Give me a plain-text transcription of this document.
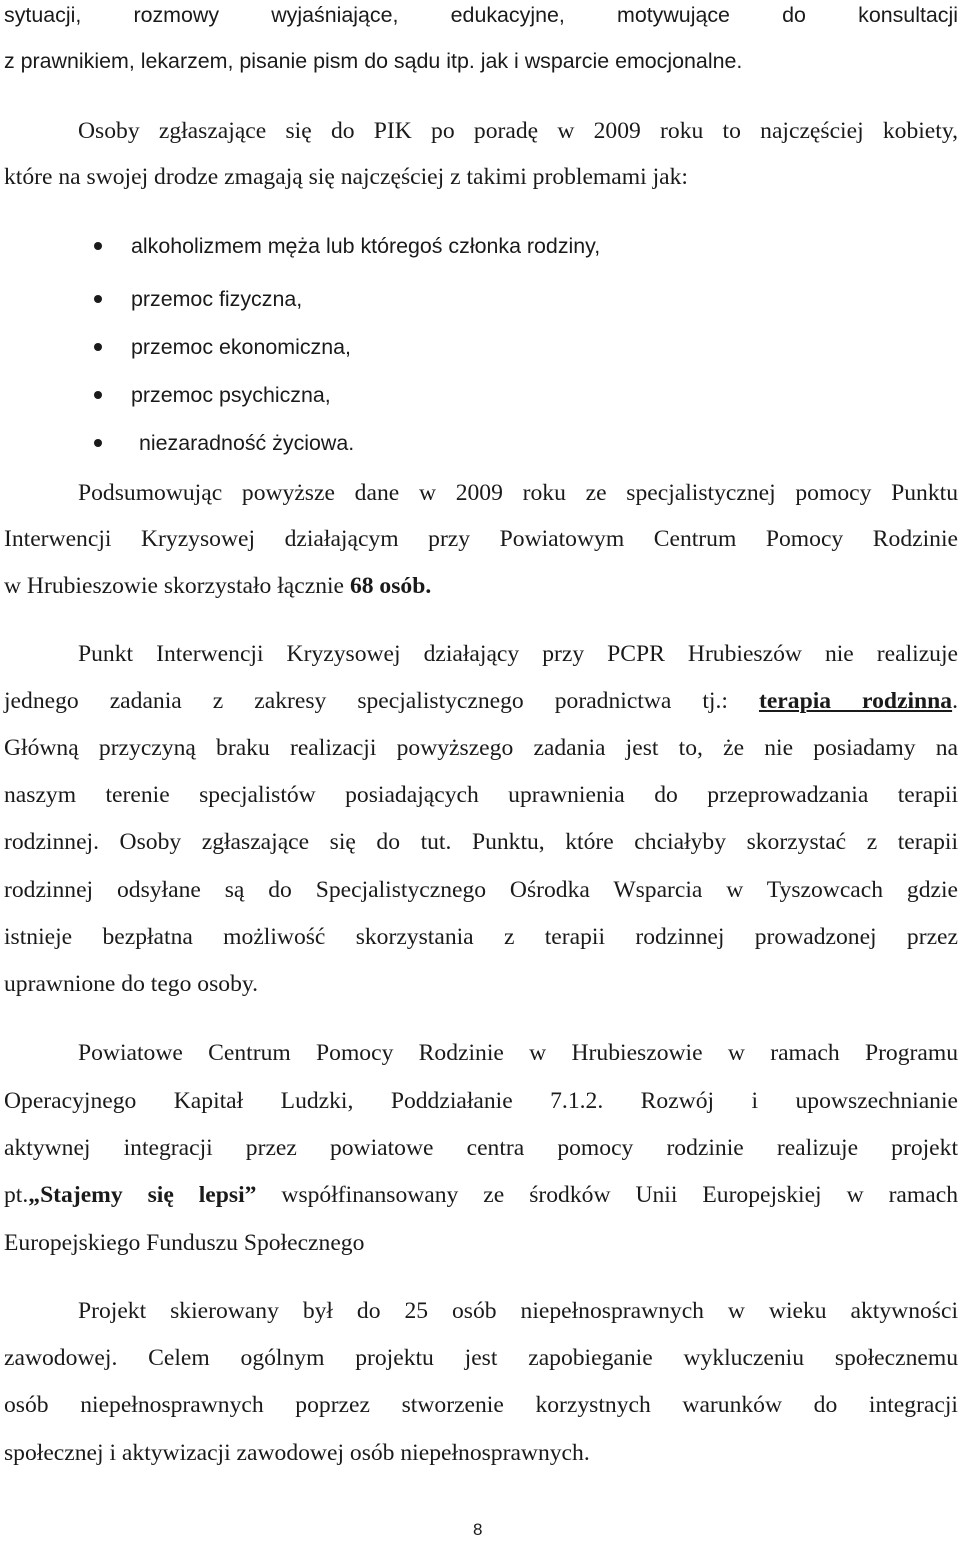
sytuacji, rozmowy wyjaśniające, edukacyjne, motywujące do konsultacji
z prawnikiem, lekarzem, pisanie pism do sądu itp. jak i wsparcie emocjonalne.
Osoby zgłaszające się do PIK po poradę w 2009 roku to najczęściej kobiety,
które na swojej drodze zmagają się najczęściej z takimi problemami jak:
alkoholizmem męża lub któregoś członka rodziny,
przemoc fizyczna,
przemoc ekonomiczna,
przemoc psychiczna,
niezaradność życiowa.
Podsumowując powyższe dane w 2009 roku ze specjalistycznej pomocy Punktu
Interwencji Kryzysowej działającym przy Powiatowym Centrum Pomocy Rodzinie
w Hrubieszowie skorzystało łącznie 68 osób.
Punkt Interwencji Kryzysowej działający przy PCPR Hrubieszów nie realizuje
jednego zadania z zakresy specjalistycznego poradnictwa tj.: terapia rodzinna.
Główną przyczyną braku realizacji powyższego zadania jest to, że nie posiadamy na
naszym terenie specjalistów posiadających uprawnienia do przeprowadzania terapii
rodzinnej. Osoby zgłaszające się do tut. Punktu, które chciałyby skorzystać z terapii
rodzinnej odsyłane są do Specjalistycznego Ośrodka Wsparcia w Tyszowcach gdzie
istnieje bezpłatna możliwość skorzystania z terapii rodzinnej prowadzonej przez
uprawnione do tego osoby.
Powiatowe Centrum Pomocy Rodzinie w Hrubieszowie w ramach Programu
Operacyjnego Kapitał Ludzki, Poddziałanie 7.1.2. Rozwój i upowszechnianie
aktywnej integracji przez powiatowe centra pomocy rodzinie realizuje projekt
pt.„Stajemy się lepsi” współfinansowany ze środków Unii Europejskiej w ramach
Europejskiego Funduszu Społecznego
Projekt skierowany był do 25 osób niepełnosprawnych w wieku aktywności
zawodowej. Celem ogólnym projektu jest zapobieganie wykluczeniu społecznemu
osób niepełnosprawnych poprzez stworzenie korzystnych warunków do integracji
społecznej i aktywizacji zawodowej osób niepełnosprawnych.
8
